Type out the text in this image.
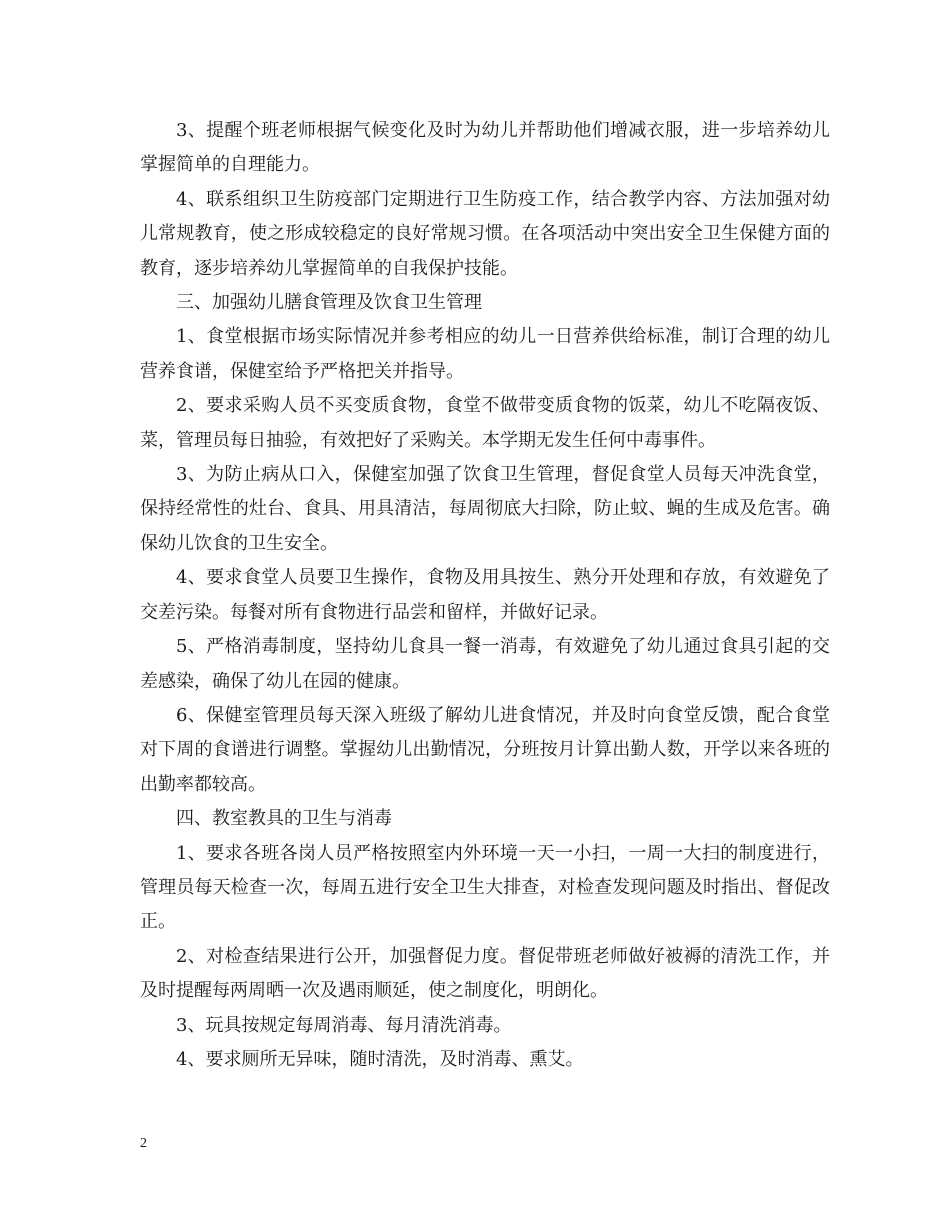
3、提醒个班老师根据气候变化及时为幼儿并帮助他们增减衣服，进一步培养幼儿掌握简单的自理能力。

4、联系组织卫生防疫部门定期进行卫生防疫工作，结合教学内容、方法加强对幼儿常规教育，使之形成较稳定的良好常规习惯。在各项活动中突出安全卫生保健方面的教育，逐步培养幼儿掌握简单的自我保护技能。

三、加强幼儿膳食管理及饮食卫生管理

1、食堂根据市场实际情况并参考相应的幼儿一日营养供给标准，制订合理的幼儿营养食谱，保健室给予严格把关并指导。

2、要求采购人员不买变质食物，食堂不做带变质食物的饭菜，幼儿不吃隔夜饭、菜，管理员每日抽验，有效把好了采购关。本学期无发生任何中毒事件。

3、为防止病从口入，保健室加强了饮食卫生管理，督促食堂人员每天冲洗食堂，保持经常性的灶台、食具、用具清洁，每周彻底大扫除，防止蚊、蝇的生成及危害。确保幼儿饮食的卫生安全。

4、要求食堂人员要卫生操作，食物及用具按生、熟分开处理和存放，有效避免了交差污染。每餐对所有食物进行品尝和留样，并做好记录。

5、严格消毒制度，坚持幼儿食具一餐一消毒，有效避免了幼儿通过食具引起的交差感染，确保了幼儿在园的健康。

6、保健室管理员每天深入班级了解幼儿进食情况，并及时向食堂反馈，配合食堂对下周的食谱进行调整。掌握幼儿出勤情况，分班按月计算出勤人数，开学以来各班的出勤率都较高。

四、教室教具的卫生与消毒

1、要求各班各岗人员严格按照室内外环境一天一小扫，一周一大扫的制度进行，管理员每天检查一次，每周五进行安全卫生大排查，对检查发现问题及时指出、督促改正。

2、对检查结果进行公开，加强督促力度。督促带班老师做好被褥的清洗工作，并及时提醒每两周晒一次及遇雨顺延，使之制度化，明朗化。

3、玩具按规定每周消毒、每月清洗消毒。

4、要求厕所无异味，随时清洗，及时消毒、熏艾。

2
